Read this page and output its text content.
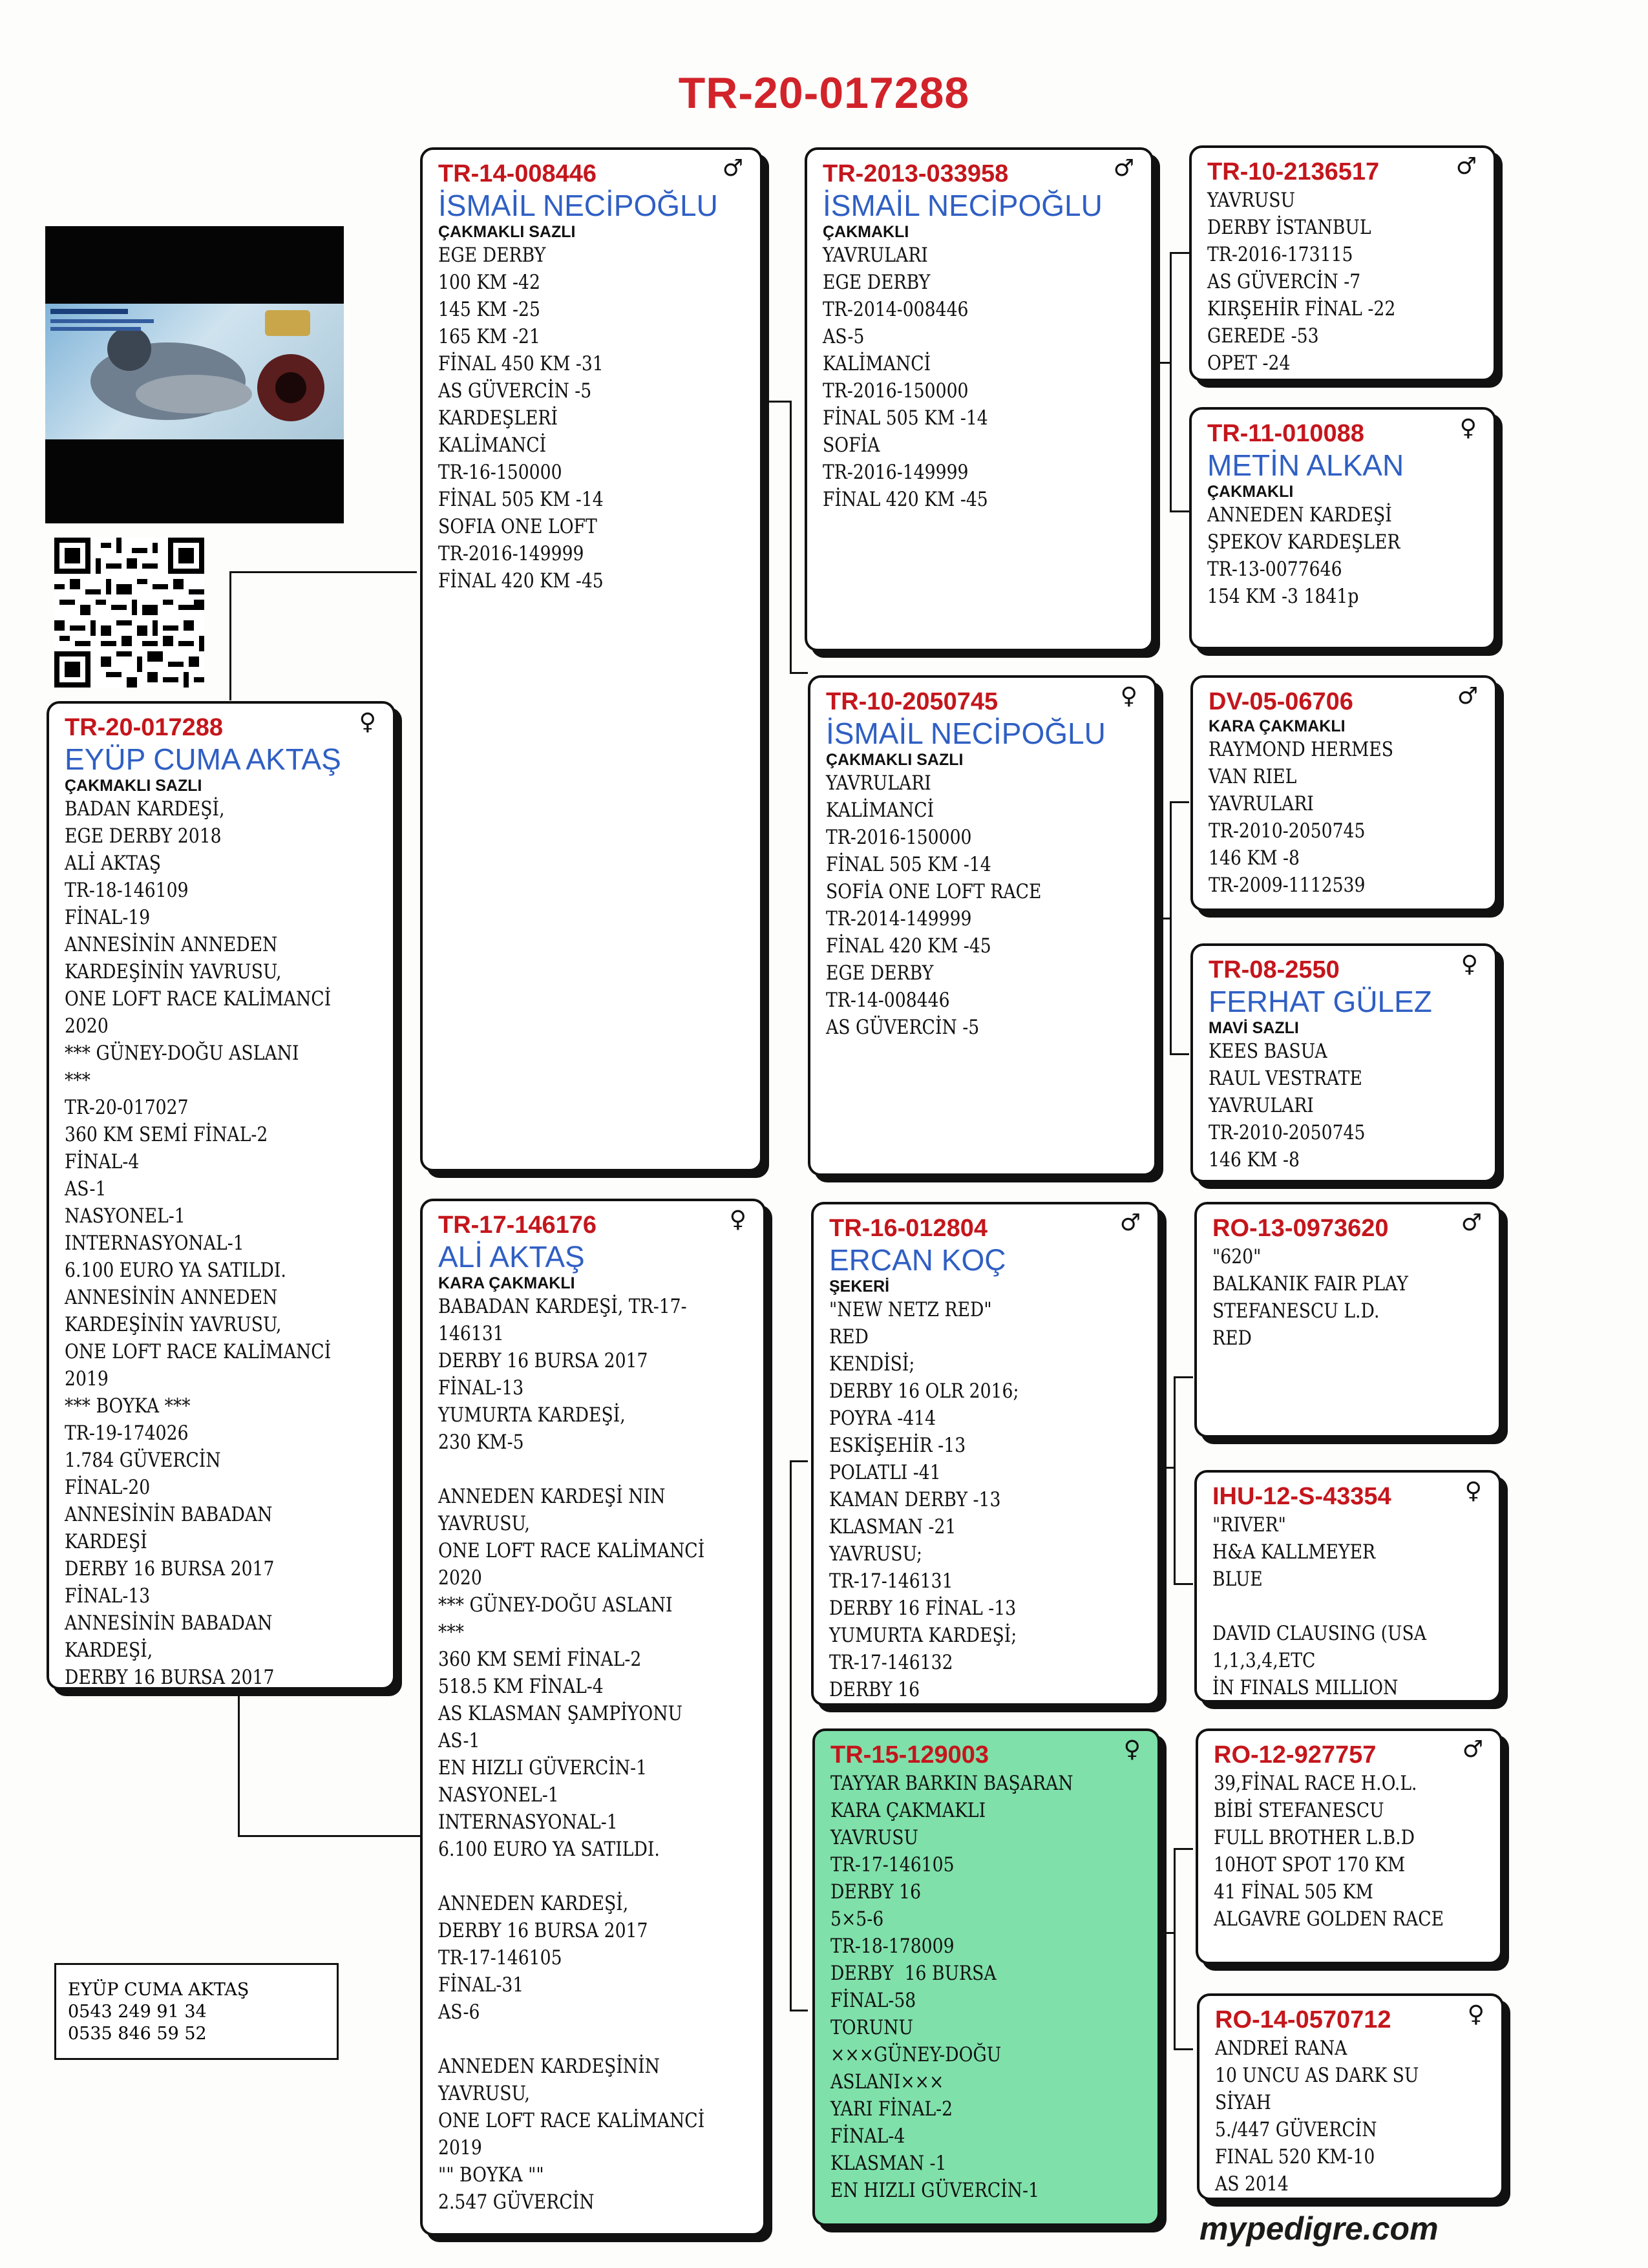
TR-20-017288
TR-20-017288	♀
EYÜP CUMA AKTAŞ
ÇAKMAKLI SAZLI
BADAN KARDEŞİ,
EGE DERBY 2018
ALİ AKTAŞ
TR-18-146109
FİNAL-19
ANNESİNİN ANNEDEN
KARDEŞİNİN YAVRUSU,
ONE LOFT RACE KALİMANCİ
2020
*** GÜNEY-DOĞU ASLANI
***
TR-20-017027
360 KM SEMİ FİNAL-2
FİNAL-4
AS-1
NASYONEL-1
INTERNASYONAL-1
6.100 EURO YA SATILDI.
ANNESİNİN ANNEDEN
KARDEŞİNİN YAVRUSU,
ONE LOFT RACE KALİMANCİ
2019
*** BOYKA ***
TR-19-174026
1.784 GÜVERCİN
FİNAL-20
ANNESİNİN BABADAN
KARDEŞİ
DERBY 16 BURSA 2017
FİNAL-13
ANNESİNİN BABADAN
KARDEŞİ,
DERBY 16 BURSA 2017
TR-14-008446	♂
İSMAİL NECİPOĞLU
ÇAKMAKLI SAZLI
EGE DERBY
100 KM -42
145 KM -25
165 KM -21
FİNAL 450 KM -31
AS GÜVERCİN -5
KARDEŞLERİ
KALİMANCİ
TR-16-150000
FİNAL 505 KM -14
SOFIA ONE LOFT
TR-2016-149999
FİNAL 420 KM -45
TR-17-146176	♀
ALİ AKTAŞ
KARA ÇAKMAKLI
BABADAN KARDEŞİ, TR-17-
146131
DERBY 16 BURSA 2017
FİNAL-13
YUMURTA KARDEŞİ,
230 KM-5
ANNEDEN KARDEŞİ NIN
YAVRUSU,
ONE LOFT RACE KALİMANCİ
2020
*** GÜNEY-DOĞU ASLANI
***
360 KM SEMİ FİNAL-2
518.5 KM FİNAL-4
AS KLASMAN ŞAMPİYONU
AS-1
EN HIZLI GÜVERCİN-1
NASYONEL-1
INTERNASYONAL-1
6.100 EURO YA SATILDI.
ANNEDEN KARDEŞİ,
DERBY 16 BURSA 2017
TR-17-146105
FİNAL-31
AS-6
ANNEDEN KARDEŞİNİN
YAVRUSU,
ONE LOFT RACE KALİMANCİ
2019
"" BOYKA ""
2.547 GÜVERCİN
TR-2013-033958	♂
İSMAİL NECİPOĞLU
ÇAKMAKLI
YAVRULARI
EGE DERBY
TR-2014-008446
AS-5
KALİMANCİ
TR-2016-150000
FİNAL 505 KM -14
SOFİA
TR-2016-149999
FİNAL 420 KM -45
TR-10-2050745	♀
İSMAİL NECİPOĞLU
ÇAKMAKLI SAZLI
YAVRULARI
KALİMANCİ
TR-2016-150000
FİNAL 505 KM -14
SOFİA ONE LOFT RACE
TR-2014-149999
FİNAL 420 KM -45
EGE DERBY
TR-14-008446
AS GÜVERCİN -5
TR-16-012804	♂
ERCAN KOÇ
ŞEKERİ
"NEW NETZ RED"
RED
KENDİSİ;
DERBY 16 OLR 2016;
POYRA -414
ESKİŞEHİR -13
POLATLI -41
KAMAN DERBY -13
KLASMAN -21
YAVRUSU;
TR-17-146131
DERBY 16 FİNAL -13
YUMURTA KARDEŞİ;
TR-17-146132
DERBY 16
TR-15-129003	♀
TAYYAR BARKIN BAŞARAN
KARA ÇAKMAKLI
YAVRUSU
TR-17-146105
DERBY 16
5×5-6
TR-18-178009
DERBY  16 BURSA
FİNAL-58
TORUNU
×××GÜNEY-DOĞU
ASLANI×××
YARI FİNAL-2
FİNAL-4
KLASMAN -1
EN HIZLI GÜVERCİN-1
TR-10-2136517	♂
YAVRUSU
DERBY İSTANBUL
TR-2016-173115
AS GÜVERCİN -7
KIRŞEHİR FİNAL -22
GEREDE -53
OPET -24
TR-11-010088	♀
METİN ALKAN
ÇAKMAKLI
ANNEDEN KARDEŞİ
ŞPEKOV KARDEŞLER
TR-13-0077646
154 KM -3 1841p
DV-05-06706	♂
KARA ÇAKMAKLI
RAYMOND HERMES
VAN RIEL
YAVRULARI
TR-2010-2050745
146 KM -8
TR-2009-1112539
TR-08-2550	♀
FERHAT GÜLEZ
MAVİ SAZLI
KEES BASUA
RAUL VESTRATE
YAVRULARI
TR-2010-2050745
146 KM -8
RO-13-0973620	♂
"620"
BALKANIK FAIR PLAY
STEFANESCU L.D.
RED
IHU-12-S-43354	♀
"RIVER"
H&A KALLMEYER
BLUE
DAVID CLAUSING (USA
1,1,3,4,ETC
İN FINALS MILLION
RO-12-927757	♂
39,FİNAL RACE H.O.L.
BİBİ STEFANESCU
FULL BROTHER L.B.D
10HOT SPOT 170 KM
41 FİNAL 505 KM
ALGAVRE GOLDEN RACE
RO-14-0570712	♀
ANDREİ RANA
10 UNCU AS DARK SU
SİYAH
5./447 GÜVERCİN
FINAL 520 KM-10
AS 2014
EYÜP CUMA AKTAŞ
0543 249 91 34
0535 846 59 52
mypedigre.com
